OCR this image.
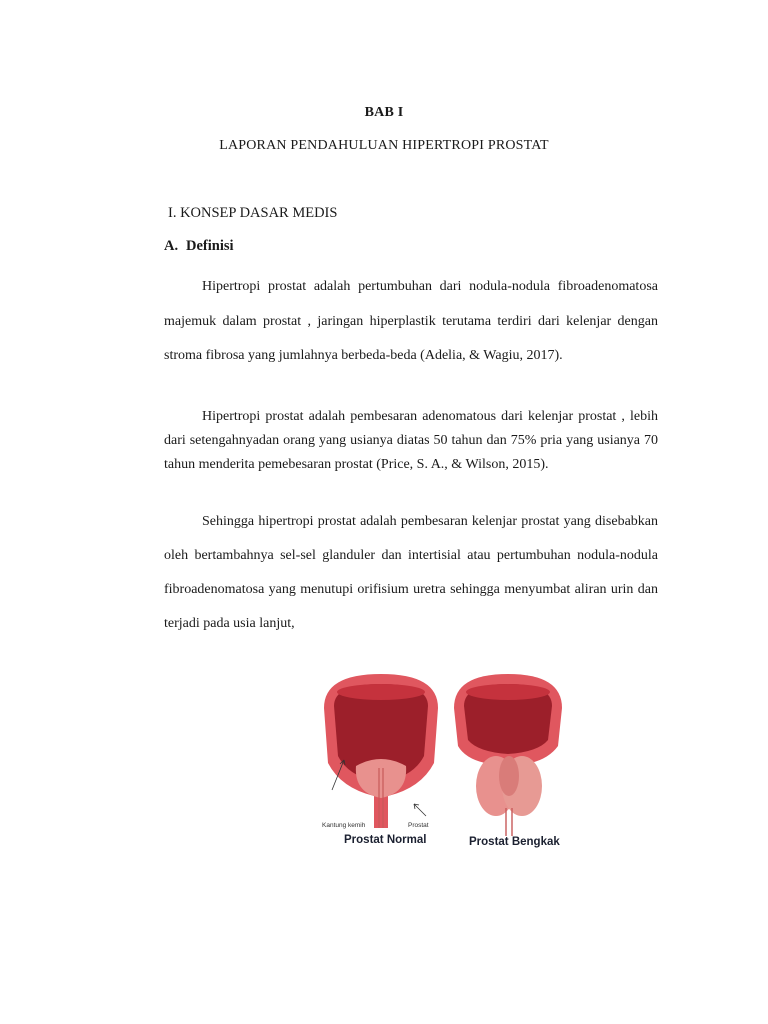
BAB I
LAPORAN PENDAHULUAN HIPERTROPI PROSTAT
I. KONSEP DASAR MEDIS
A. Definisi

Hipertropi prostat adalah pertumbuhan dari nodula-nodula fibroadenomatosa majemuk dalam prostat , jaringan hiperplastik terutama terdiri dari kelenjar dengan stroma fibrosa yang jumlahnya berbeda-beda (Adelia, & Wagiu, 2017).

Hipertropi prostat adalah pembesaran adenomatous dari kelenjar prostat , lebih dari setengahnyadan orang yang usianya diatas 50 tahun dan 75% pria yang usianya 70 tahun menderita pemebesaran prostat (Price, S. A., & Wilson, 2015).

Sehingga hipertropi prostat adalah pembesaran kelenjar prostat yang disebabkan oleh bertambahnya sel-sel glanduler dan intertisial atau pertumbuhan nodula-nodula fibroadenomatosa yang menutupi orifisium uretra sehingga menyumbat aliran urin dan terjadi pada usia lanjut,

Kantung kemih	Prostat
Prostat Normal	Prostat Bengkak
